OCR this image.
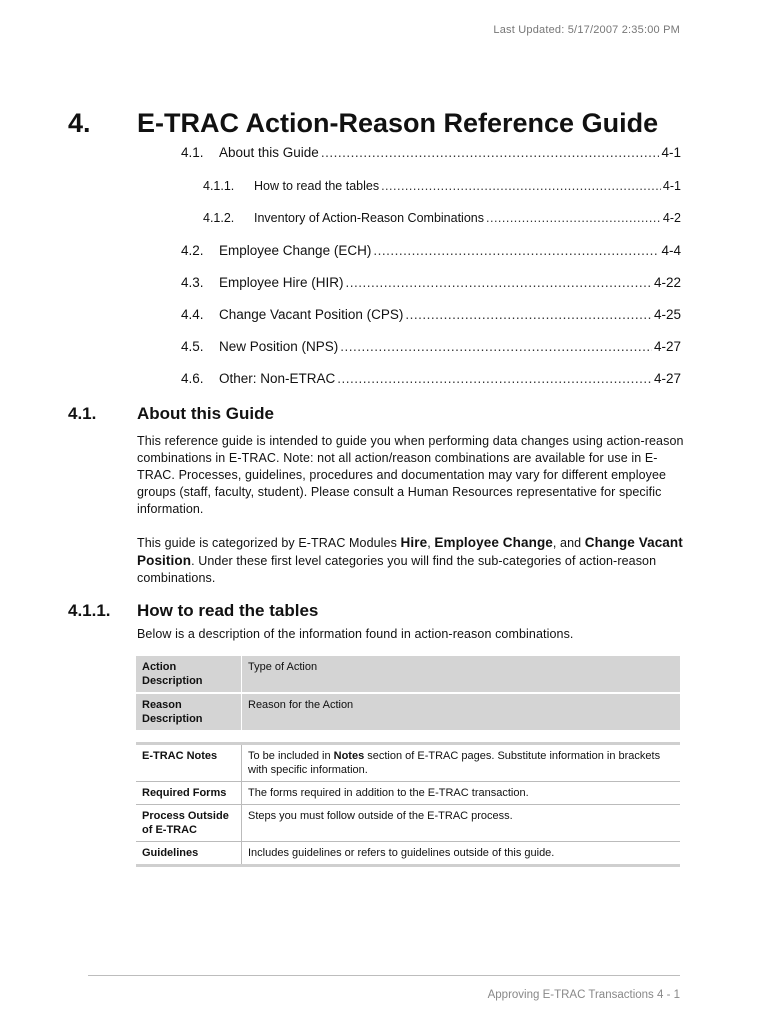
Last Updated: 5/17/2007 2:35:00 PM
4. E-TRAC Action-Reason Reference Guide
4.1.	About this Guide .....	4-1
4.1.1.	How to read the tables .....	4-1
4.1.2.	Inventory of Action-Reason Combinations .....	4-2
4.2.	Employee Change (ECH) .....	4-4
4.3.	Employee Hire (HIR) .....	4-22
4.4.	Change Vacant Position (CPS) .....	4-25
4.5.	New Position (NPS) .....	4-27
4.6.	Other: Non-ETRAC .....	4-27
4.1. About this Guide
This reference guide is intended to guide you when performing data changes using action-reason combinations in E-TRAC. Note: not all action/reason combinations are available for use in E-TRAC. Processes, guidelines, procedures and documentation may vary for different employee groups (staff, faculty, student). Please consult a Human Resources representative for specific information.
This guide is categorized by E-TRAC Modules Hire, Employee Change, and Change Vacant Position. Under these first level categories you will find the sub-categories of action-reason combinations.
4.1.1. How to read the tables
Below is a description of the information found in action-reason combinations.
Action Description	Type of Action
Reason Description	Reason for the Action
E-TRAC Notes	To be included in Notes section of E-TRAC pages. Substitute information in brackets with specific information.
Required Forms	The forms required in addition to the E-TRAC transaction.
Process Outside of E-TRAC	Steps you must follow outside of the E-TRAC process.
Guidelines	Includes guidelines or refers to guidelines outside of this guide.
Approving E-TRAC Transactions 4 - 1
